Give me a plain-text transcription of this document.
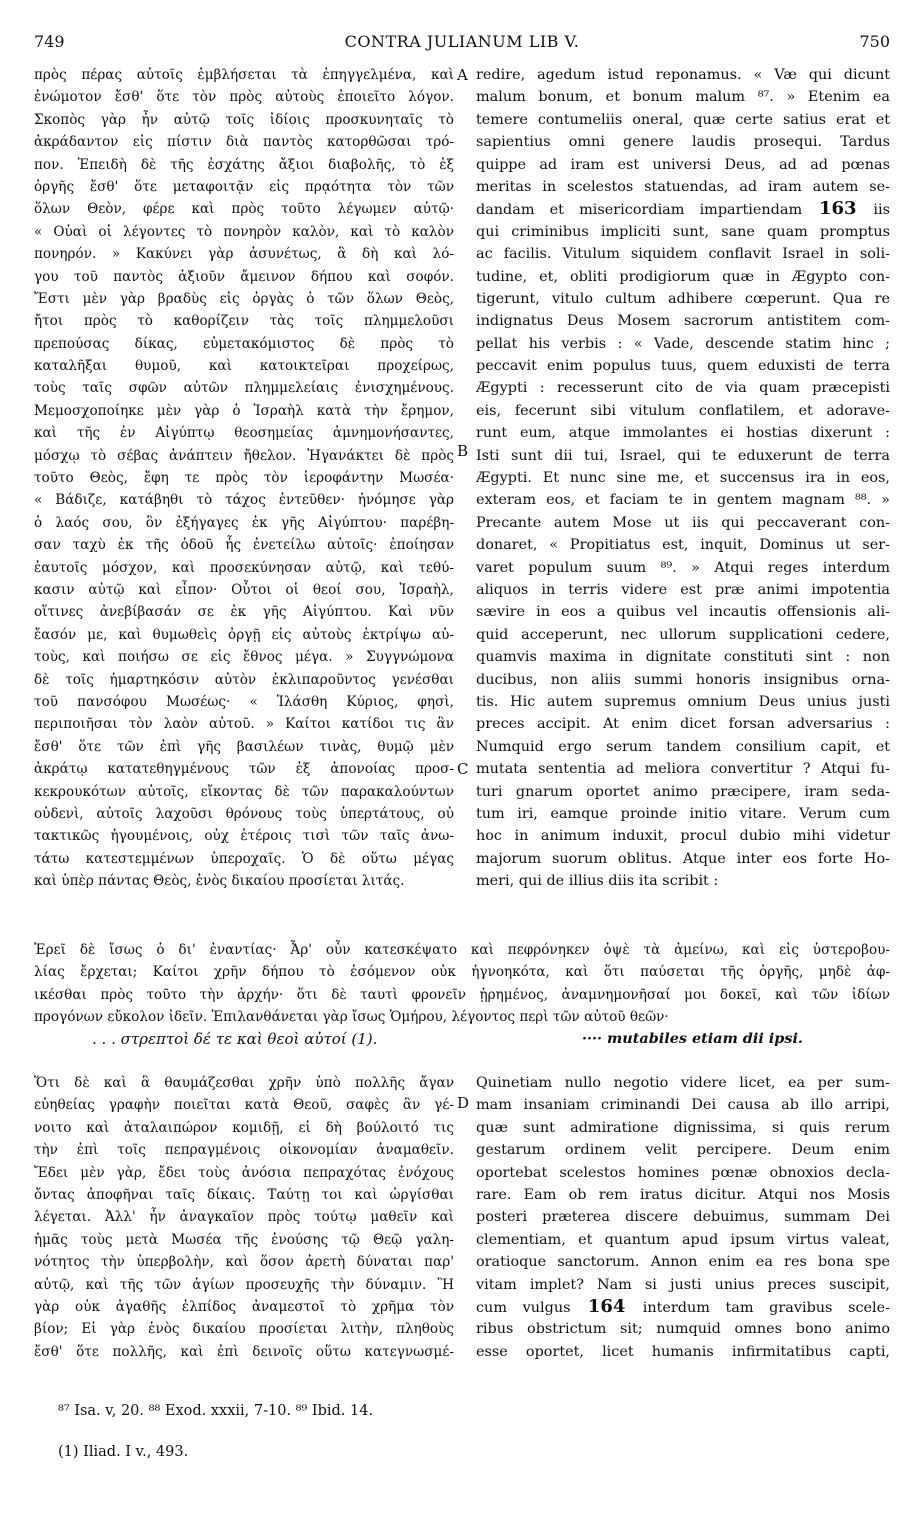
749	CONTRA JULIANUM LIB V.	750
πρὸς πέρας αὐτοῖς ἐμβλήσεται τὰ ἐπηγγελμένα, καὶ
ἐνώμοτον ἔσθ' ὅτε τὸν πρὸς αὐτοὺς ἐποιεῖτο λόγον.
Σκοπὸς γὰρ ἦν αὐτῷ τοῖς ἰδίοις προσκυνηταῖς τὸ
ἀκράδαντον εἰς πίστιν διὰ παντὸς κατορθῶσαι τρό-
πον. Ἐπειδὴ δὲ τῆς ἐσχάτης ἄξιοι διαβολῆς, τὸ ἐξ
ὀργῆς ἔσθ' ὅτε μεταφοιτᾷν εἰς πρᾳότητα τὸν τῶν
ὅλων Θεὸν, φέρε καὶ πρὸς τοῦτο λέγωμεν αὐτῷ·
« Οὐαὶ οἱ λέγοντες τὸ πονηρὸν καλὸν, καὶ τὸ καλὸν
πονηρόν. » Κακύνει γὰρ ἀσυνέτως, ἃ δὴ καὶ λό-
γου τοῦ παντὸς ἀξιοῦν ἄμεινον δήπου καὶ σοφόν.
Ἔστι μὲν γὰρ βραδὺς εἰς ὀργὰς ὁ τῶν ὅλων Θεὸς,
ἤτοι πρὸς τὸ καθορίζειν τὰς τοῖς πλημμελοῦσι
πρεπούσας δίκας, εὐμετακόμιστος δὲ πρὸς τὸ
καταλῆξαι θυμοῦ, καὶ κατοικτεῖραι προχείρως,
τοὺς ταῖς σφῶν αὐτῶν πλημμελείαις ἐνισχημένους.
Μεμοσχοποίηκε μὲν γὰρ ὁ Ἰσραὴλ κατὰ τὴν ἔρημον,
καὶ τῆς ἐν Αἰγύπτῳ θεοσημείας ἀμνημονήσαντες,
μόσχῳ τὸ σέβας ἀνάπτειν ἤθελον. Ἠγανάκτει δὲ πρὸς
τοῦτο Θεὸς, ἔφη τε πρὸς τὸν ἱεροφάντην Μωσέα·
« Βάδιζε, κατάβηθι τὸ τάχος ἐντεῦθεν· ἠνόμησε γὰρ
ὁ λαός σου, ὃν ἐξήγαγες ἐκ γῆς Αἰγύπτου· παρέβη-
σαν ταχὺ ἐκ τῆς ὁδοῦ ἧς ἐνετείλω αὐτοῖς· ἐποίησαν
ἑαυτοῖς μόσχον, καὶ προσεκύνησαν αὐτῷ, καὶ τεθύ-
κασιν αὐτῷ καὶ εἶπον· Οὗτοι οἱ θεοί σου, Ἰσραὴλ,
οἵτινες ἀνεβίβασάν σε ἐκ γῆς Αἰγύπτου. Καὶ νῦν
ἔασόν με, καὶ θυμωθεὶς ὀργῇ εἰς αὐτοὺς ἐκτρίψω αὐ-
τοὺς, καὶ ποιήσω σε εἰς ἔθνος μέγα. » Συγγνώμονα
δὲ τοῖς ἡμαρτηκόσιν αὐτὸν ἐκλιπαροῦντος γενέσθαι
τοῦ πανσόφου Μωσέως· « Ἱλάσθη Κύριος, φησὶ,
περιποιῆσαι τὸν λαὸν αὐτοῦ. » Καίτοι κατίδοι τις ἂν
ἔσθ' ὅτε τῶν ἐπὶ γῆς βασιλέων τινὰς, θυμῷ μὲν
ἀκράτῳ κατατεθηγμένους τῶν ἐξ ἀπονοίας προσ-
κεκρουκότων αὐτοῖς, εἴκοντας δὲ τῶν παρακαλούντων
οὐδενὶ, αὐτοῖς λαχοῦσι θρόνους τοὺς ὑπερτάτους, οὐ
τακτικῶς ἡγουμένοις, οὐχ ἑτέροις τισὶ τῶν ταῖς ἀνω-
τάτω κατεστεμμένων ὑπεροχαῖς. Ὁ δὲ οὕτω μέγας
καὶ ὑπὲρ πάντας Θεὸς, ἑνὸς δικαίου προσίεται λιτάς.
redire, agedum istud reponamus. « Væ qui dicunt
malum bonum, et bonum malum ⁸⁷. » Etenim ea
temere contumeliis oneral, quæ certe satius erat et
sapientius omni genere laudis prosequi. Tardus
quippe ad iram est universi Deus, ad ad pœnas
meritas in scelestos statuendas, ad iram autem se-
dandam et misericordiam impartiendam 163 iis
qui criminibus impliciti sunt, sane quam promptus
ac facilis. Vitulum siquidem conflavit Israel in soli-
tudine, et, obliti prodigiorum quæ in Ægypto con-
tigerunt, vitulo cultum adhibere cœperunt. Qua re
indignatus Deus Mosem sacrorum antistitem com-
pellat his verbis : « Vade, descende statim hinc ;
peccavit enim populus tuus, quem eduxisti de terra
Ægypti : recesserunt cito de via quam præcepisti
eis, fecerunt sibi vitulum conflatilem, et adorave-
runt eum, atque immolantes ei hostias dixerunt :
Isti sunt dii tui, Israel, qui te eduxerunt de terra
Ægypti. Et nunc sine me, et succensus ira in eos,
exteram eos, et faciam te in gentem magnam ⁸⁸. »
Precante autem Mose ut iis qui peccaverant con-
donaret, « Propitiatus est, inquit, Dominus ut ser-
varet populum suum ⁸⁹. » Atqui reges interdum
aliquos in terris videre est præ animi impotentia
sævire in eos a quibus vel incautis offensionis ali-
quid acceperunt, nec ullorum supplicationi cedere,
quamvis maxima in dignitate constituti sint : non
ducibus, non aliis summi honoris insignibus orna-
tis. Hic autem supremus omnium Deus unius justi
preces accipit. At enim dicet forsan adversarius :
Numquid ergo serum tandem consilium capit, et
mutata sententia ad meliora convertitur ? Atqui fu-
turi gnarum oportet animo præcipere, iram seda-
tum iri, eamque proinde initio vitare. Verum cum
hoc in animum induxit, procul dubio mihi videtur
majorum suorum oblitus. Atque inter eos forte Ho-
meri, qui de illius diis ita scribit :
A
B
C
D
Ἐρεῖ δὲ ἴσως ὁ δι' ἐναντίας· Ἆρ' οὖν κατεσκέψατο καὶ πεφρόνηκεν ὀψὲ τὰ ἀμείνω, καὶ εἰς ὑστεροβου-
λίας ἔρχεται; Καίτοι χρῆν δήπου τὸ ἐσόμενον οὐκ ἠγνοηκότα, καὶ ὅτι παύσεται τῆς ὀργῆς, μηδὲ ἀφ-
ικέσθαι πρὸς τοῦτο τὴν ἀρχήν· ὅτι δὲ ταυτὶ φρονεῖν ᾑρημένος, ἀναμνημονῆσαί μοι δοκεῖ, καὶ τῶν ἰδίων
προγόνων εὔκολον ἰδεῖν. Ἐπιλανθάνεται γὰρ ἴσως Ὁμήρου, λέγοντος περὶ τῶν αὐτοῦ θεῶν·
. . . στρεπτοὶ δέ τε καὶ θεοὶ αὐτοί (1).	···· mutabiles etiam dii ipsi.
Ὅτι δὲ καὶ ἃ θαυμάζεσθαι χρῆν ὑπὸ πολλῆς ἄγαν
εὐηθείας γραφὴν ποιεῖται κατὰ Θεοῦ, σαφὲς ἂν γέ-
νοιτο καὶ ἀταλαιπώρον κομιδῇ, εἰ δὴ βούλοιτό τις
τὴν ἐπὶ τοῖς πεπραγμένοις οἰκονομίαν ἀναμαθεῖν.
Ἔδει μὲν γὰρ, ἔδει τοὺς ἀνόσια πεπραχότας ἐνόχους
ὄντας ἀποφῆναι ταῖς δίκαις. Ταύτῃ τοι καὶ ὠργίσθαι
λέγεται. Ἀλλ' ἦν ἀναγκαῖον πρὸς τούτῳ μαθεῖν καὶ
ἡμᾶς τοὺς μετὰ Μωσέα τῆς ἑνούσης τῷ Θεῷ γαλη-
νότητος τὴν ὑπερβολὴν, καὶ ὅσον ἀρετὴ δύναται παρ'
αὐτῷ, καὶ τῆς τῶν ἁγίων προσευχῆς τὴν δύναμιν. Ἢ
γὰρ οὐκ ἀγαθῆς ἐλπίδος ἀναμεστοῖ τὸ χρῆμα τὸν
βίον; Εἰ γὰρ ἑνὸς δικαίου προσίεται λιτὴν, πληθοὺς
ἔσθ' ὅτε πολλῆς, καὶ ἐπὶ δεινοῖς οὕτω κατεγνωσμέ-
Quinetiam nullo negotio videre licet, ea per sum-
mam insaniam criminandi Dei causa ab illo arripi,
quæ sunt admiratione dignissima, si quis rerum
gestarum ordinem velit percipere. Deum enim
oportebat scelestos homines pœnæ obnoxios decla-
rare. Eam ob rem iratus dicitur. Atqui nos Mosis
posteri præterea discere debuimus, summam Dei
clementiam, et quantum apud ipsum virtus valeat,
oratioque sanctorum. Annon enim ea res bona spe
vitam implet? Nam si justi unius preces suscipit,
cum vulgus 164 interdum tam gravibus scele-
ribus obstrictum sit; numquid omnes bono animo
esse oportet, licet humanis infirmitatibus capti,
⁸⁷ Isa. v, 20. ⁸⁸ Exod. xxxii, 7-10. ⁸⁹ Ibid. 14.
(1) Iliad. I v., 493.
